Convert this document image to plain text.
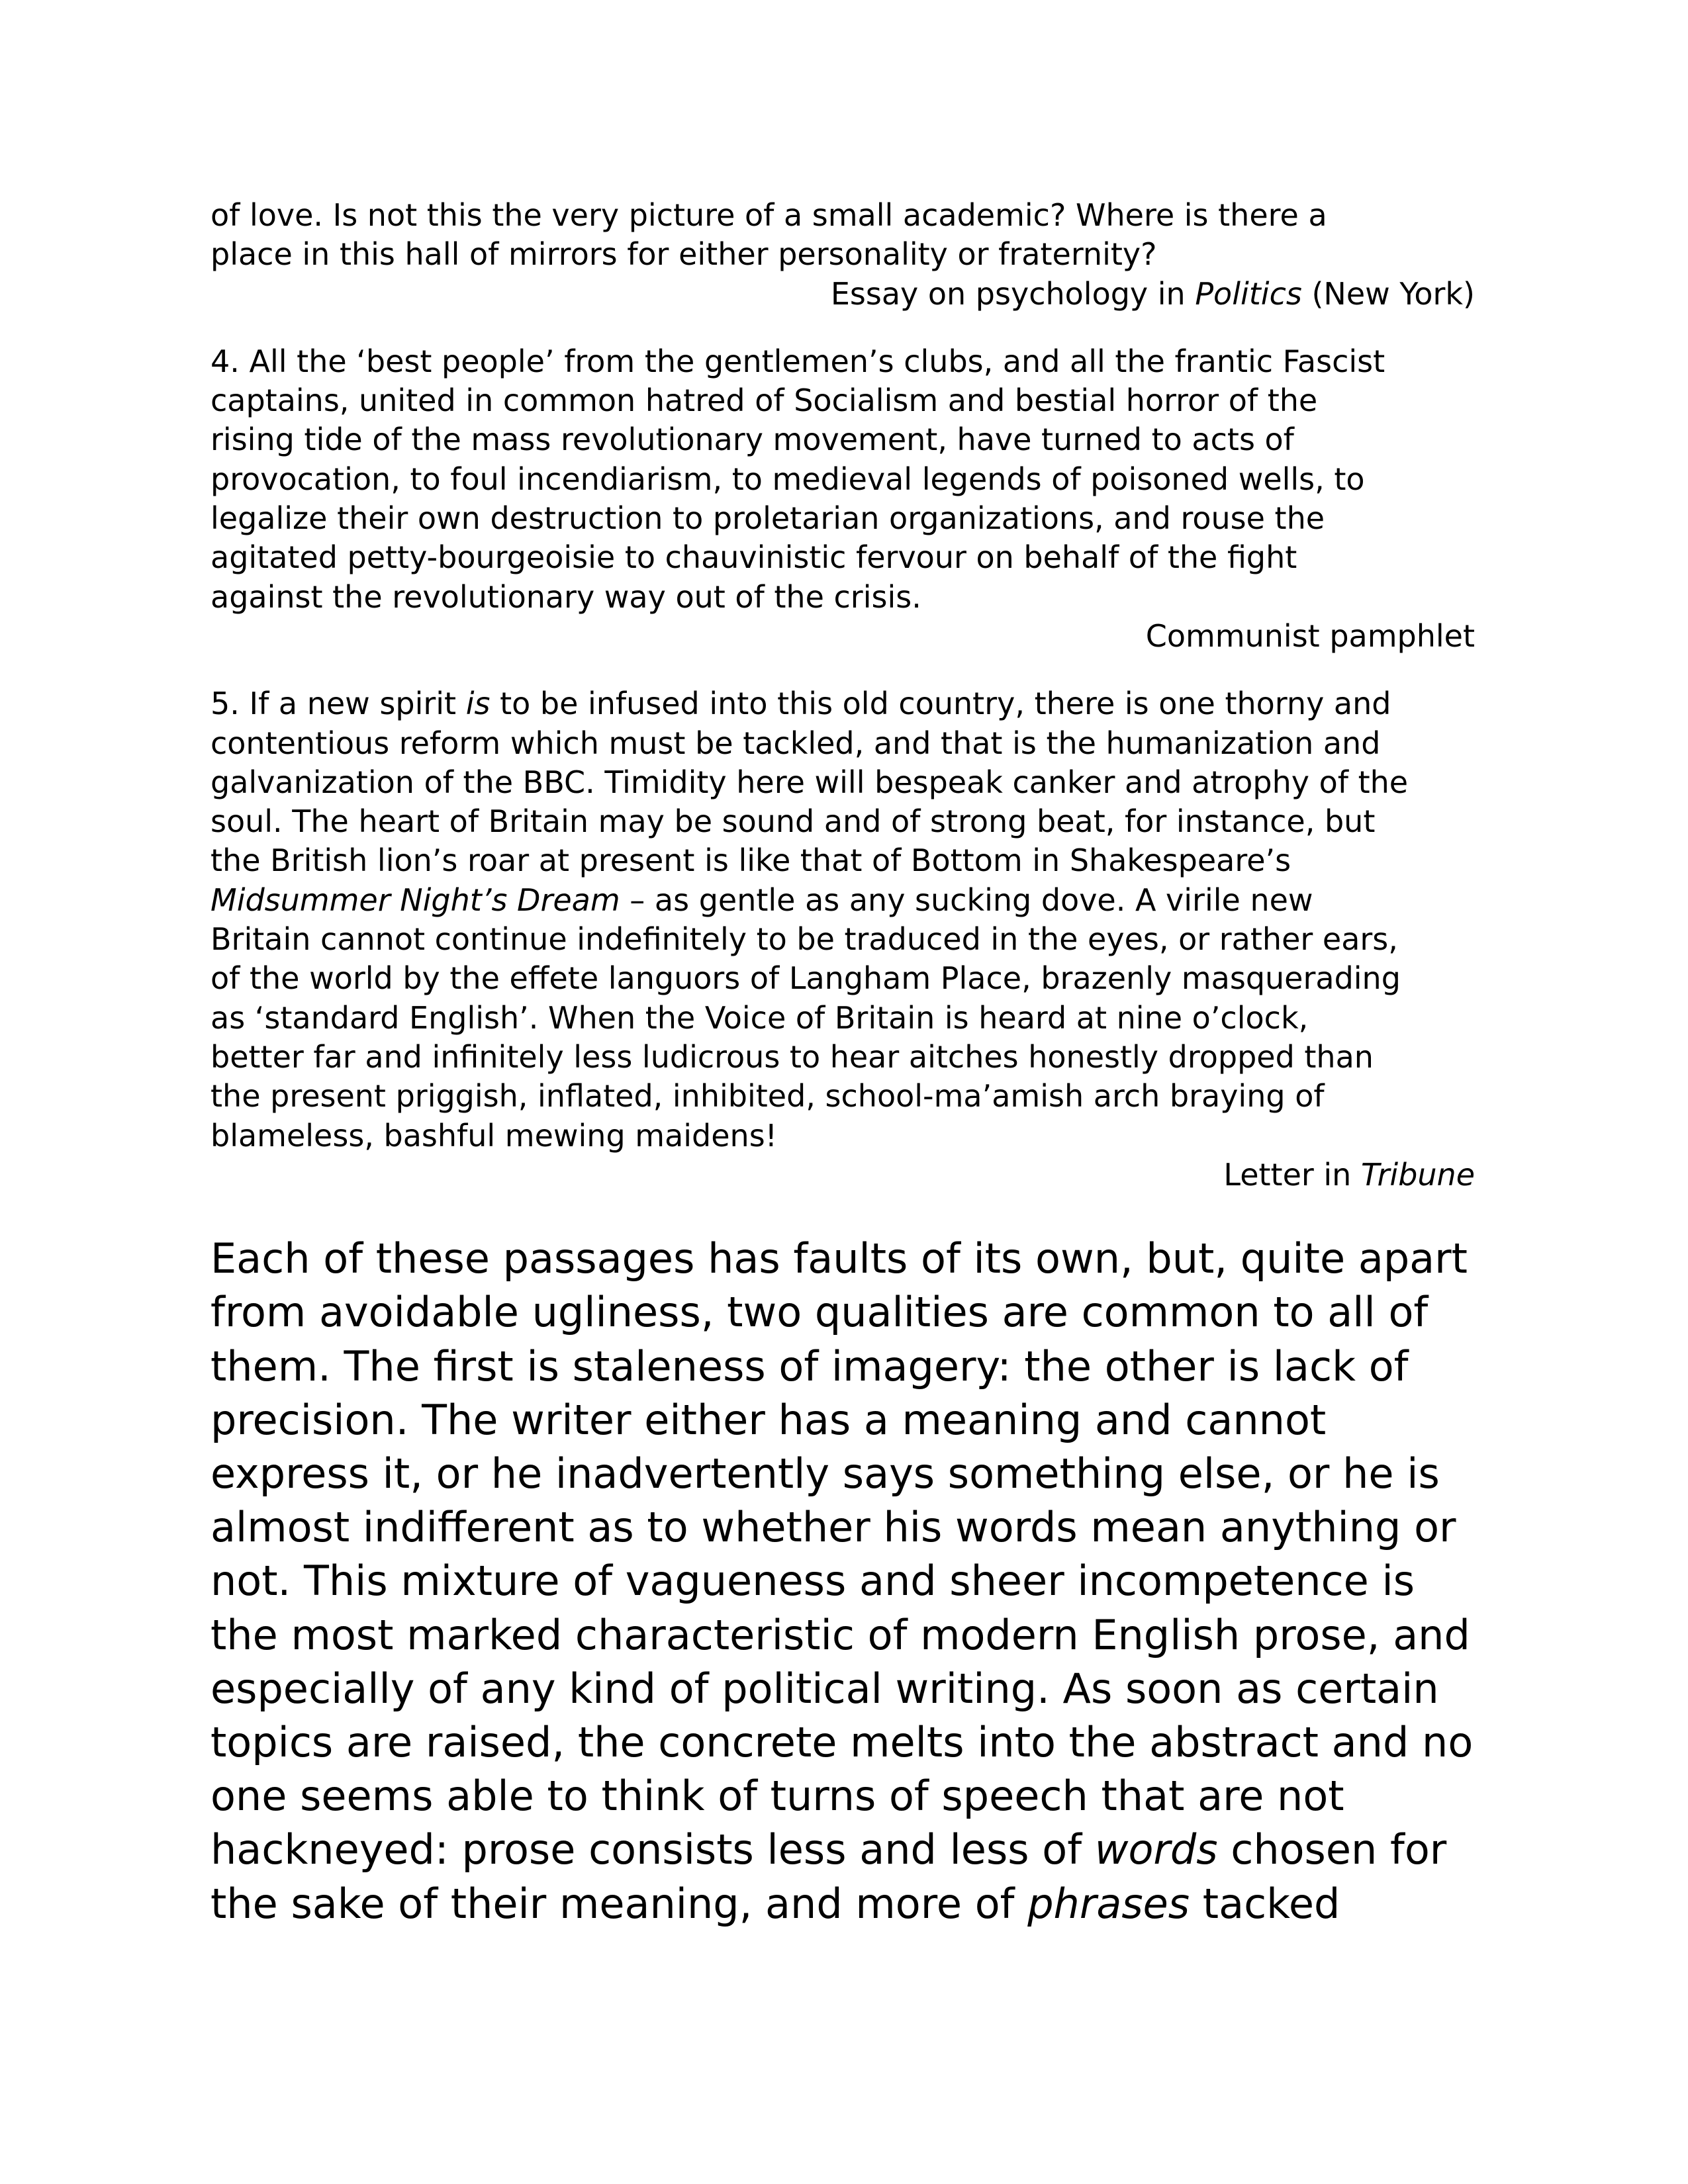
of love. Is not this the very picture of a small academic? Where is there a
place in this hall of mirrors for either personality or fraternity?
Essay on psychology in Politics (New York)
4. All the ‘best people’ from the gentlemen’s clubs, and all the frantic Fascist
captains, united in common hatred of Socialism and bestial horror of the
rising tide of the mass revolutionary movement, have turned to acts of
provocation, to foul incendiarism, to medieval legends of poisoned wells, to
legalize their own destruction to proletarian organizations, and rouse the
agitated petty-bourgeoisie to chauvinistic fervour on behalf of the fight
against the revolutionary way out of the crisis.
Communist pamphlet
5. If a new spirit is to be infused into this old country, there is one thorny and
contentious reform which must be tackled, and that is the humanization and
galvanization of the BBC. Timidity here will bespeak canker and atrophy of the
soul. The heart of Britain may be sound and of strong beat, for instance, but
the British lion’s roar at present is like that of Bottom in Shakespeare’s
Midsummer Night’s Dream – as gentle as any sucking dove. A virile new
Britain cannot continue indefinitely to be traduced in the eyes, or rather ears,
of the world by the effete languors of Langham Place, brazenly masquerading
as ‘standard English’. When the Voice of Britain is heard at nine o’clock,
better far and infinitely less ludicrous to hear aitches honestly dropped than
the present priggish, inflated, inhibited, school-ma’amish arch braying of
blameless, bashful mewing maidens!
Letter in Tribune
Each of these passages has faults of its own, but, quite apart
from avoidable ugliness, two qualities are common to all of
them. The first is staleness of imagery: the other is lack of
precision. The writer either has a meaning and cannot
express it, or he inadvertently says something else, or he is
almost indifferent as to whether his words mean anything or
not. This mixture of vagueness and sheer incompetence is
the most marked characteristic of modern English prose, and
especially of any kind of political writing. As soon as certain
topics are raised, the concrete melts into the abstract and no
one seems able to think of turns of speech that are not
hackneyed: prose consists less and less of words chosen for
the sake of their meaning, and more of phrases tacked
